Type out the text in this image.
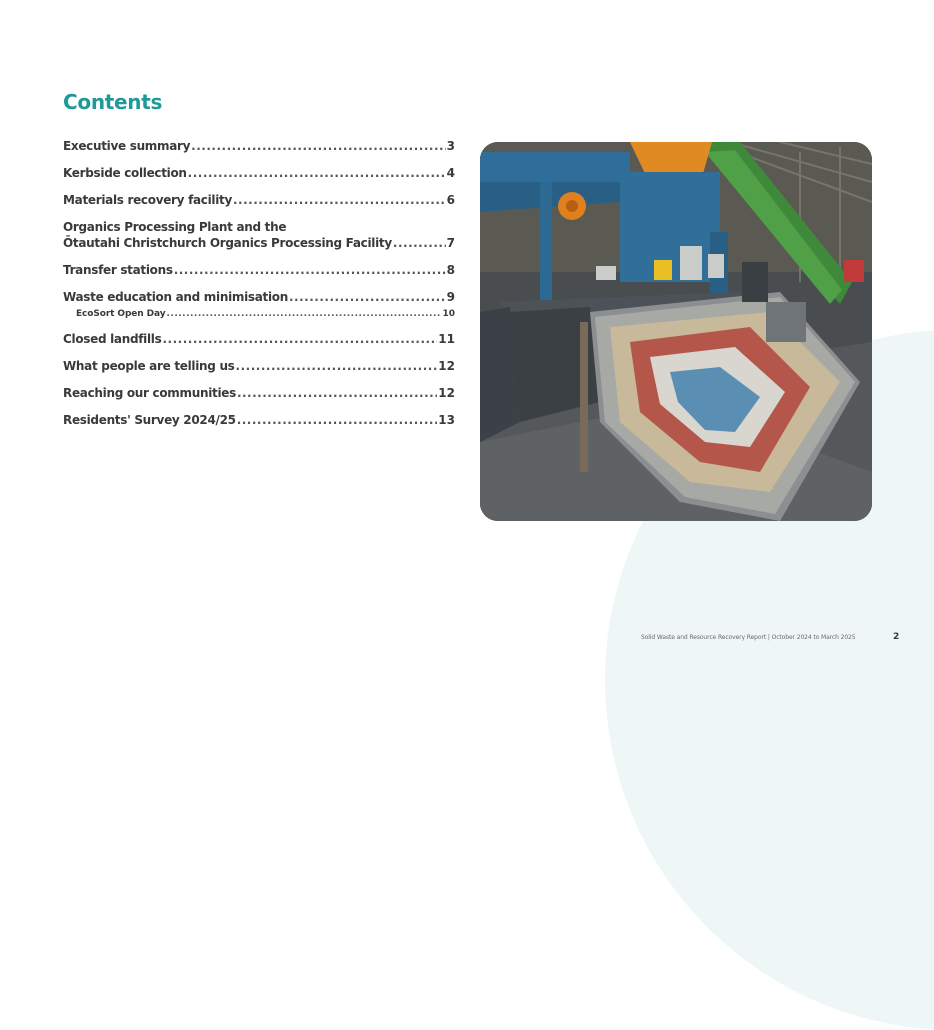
Contents
Executive summary .....	3
Kerbside collection .....	4
Materials recovery facility .....	6
Organics Processing Plant and the
Ōtautahi Christchurch Organics Processing Facility .....	7
Transfer stations .....	8
Waste education and minimisation .....	9
EcoSort Open Day .....	10
Closed landfills .....	11
What people are telling us .....	12
Reaching our communities .....	12
Residents' Survey 2024/25 .....	13
Solid Waste and Resource Recovery Report | October 2024 to March 2025	2
